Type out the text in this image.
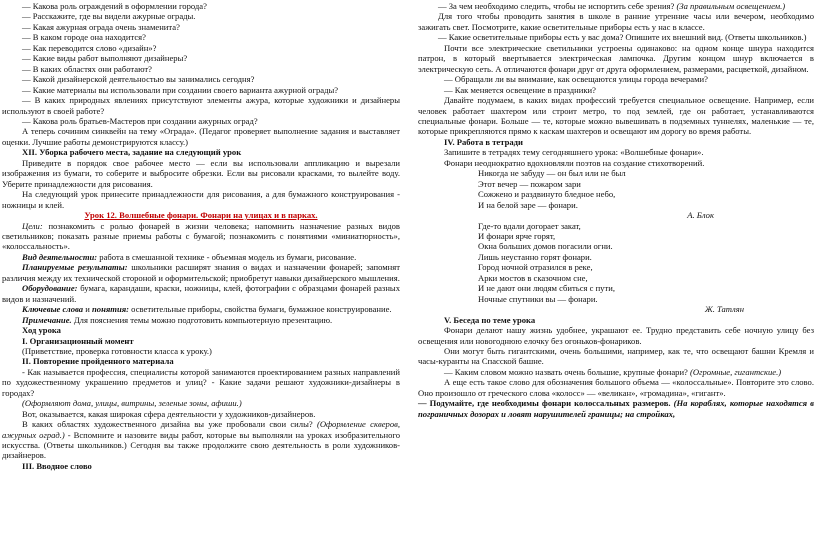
— Какова роль ограждений в оформлении города?

— Расскажите, где вы видели ажурные ограды.

— Какая ажурная ограда очень знаменита?

— В каком городе она находится?

— Как переводится слово «дизайн»?

— Какие виды работ выполняют дизайнеры?

— В каких областях они работают?

— Какой дизайнерской деятельностью вы занимались сегодня?

— Какие материалы вы использовали при создании своего варианта ажурной ограды?

— В каких природных явлениях присутствуют элементы ажура, которые художники и дизайнеры используют в своей работе?

— Какова роль братьев-Мастеров при создании ажурных оград?

А теперь сочиним синквейн на тему «Ограда». (Педагог проверяет выполнение задания и выставляет оценки. Лучшие работы демонстрируются классу.)

XII. Уборка рабочего места, задание на следующий урок

Приведите в порядок свое рабочее место — если вы использовали аппликацию и вырезали изображения из бумаги, то соберите и выбросите обрезки. Если вы рисовали красками, то вылейте воду. Уберите принадлежности для рисования.

На следующий урок принесите принадлежности для рисования, а для бумажного конструирования - ножницы и клей.

Урок 12. Волшебные фонари. Фонари на улицах и в парках.

Цели: познакомить с ролью фонарей в жизни человека; напомнить назначение разных видов светильников; показать разные приемы работы с бумагой; познакомить с понятиями «миниатюрность», «колоссальность».

Вид деятельности: работа в смешанной технике - объемная модель из бумаги, рисование.

Планируемые результаты: школьники расширят знания о видах и назначении фонарей; запомнят различия между их технической стороной и оформительской; приобретут навыки дизайнерского мышления.

Оборудование: бумага, карандаши, краски, ножницы, клей, фотографии с образцами фонарей разных видов и назначений.

Ключевые слова и понятия: осветительные приборы, свойства бумаги, бумажное конструирование.

Примечание. Для пояснения темы можно подготовить компьютерную презентацию.

Ход урока

I. Организационный момент

(Приветствие, проверка готовности класса к уроку.)

II. Повторение пройденного материала

- Как называется профессия, специалисты которой занимаются проектированием разных направлений по художественному украшению предметов и улиц? - Какие задачи решают художники-дизайнеры в городах?

(Оформляют дома, улицы, витрины, зеленые зоны, афиши.)

Вот, оказывается, какая широкая сфера деятельности у художников-дизайнеров.

В каких областях художественного дизайна вы уже пробовали свои силы? (Оформление скверов, ажурных оград.) - Вспомните и назовите виды работ, которые вы выполняли на уроках изобразительного искусства. (Ответы школьников.) Сегодня вы также продолжите свою деятельность в роли художников-дизайнеров.

III. Вводное слово

— За чем необходимо следить, чтобы не испортить себе зрения? (За правильным освещением.)

Для того чтобы проводить занятия в школе в ранние утренние часы или вечером, необходимо зажигать свет. Посмотрите, какие осветительные приборы есть у нас в классе.

— Какие осветительные приборы есть у вас дома? Опишите их внешний вид. (Ответы школьников.)

Почти все электрические светильники устроены одинаково: на одном конце шнура находится патрон, в который ввертывается электрическая лампочка. Другим концом шнур включается в электрическую сеть. А отличаются фонари друг от друга оформлением, размерами, расцветкой, дизайном.

— Обращали ли вы внимание, как освещаются улицы города вечерами?

— Как меняется освещение в праздники?

Давайте подумаем, в каких видах профессий требуется специальное освещение. Например, если человек работает шахтером или строит метро, то под землей, где он работает, устанавливаются специальные фонари. Больше — те, которые можно вывешивать в подземных туннелях, маленькие — те, которые прикрепляются прямо к каскам шахтеров и освещают им дорогу во время работы.

IV. Работа в тетради

Запишите в тетрадях тему сегодняшнего урока: «Волшебные фонари».

Фонари неоднократно вдохновляли поэтов на создание стихотворений.

Никогда не забуду — он был или не был
Этот вечер — пожаром зари
Сожжено и раздвинуто бледное небо,
И на белой заре — фонари.

А. Блок

Где-то вдали догорает закат,
И фонари ярче горят,
Окна больших домов погасили огни.
Лишь неустанно горят фонари.
Город ночной отразился в реке,
Арки мостов в сказочном сне,
И не дают они людям сбиться с пути,
Ночные спутники вы — фонари.

Ж. Татлян

V. Беседа по теме урока

Фонари делают нашу жизнь удобнее, украшают ее. Трудно представить себе ночную улицу без освещения или новогоднюю елочку без огоньков-фонариков.

Они могут быть гигантскими, очень большими, например, как те, что освещают башни Кремля и часы-куранты на Спасской башне.

— Каким словом можно назвать очень большие, крупные фонари? (Огромные, гигантские.)

А еще есть такое слово для обозначения большого объема — «колоссальные». Повторите это слово. Оно произошло от греческого слова «колосс» — «великан», «громадина», «гигант».

— Подумайте, где необходимы фонари колоссальных размеров. (На кораблях, которые находятся в пограничных дозорах и ловят нарушителей границы; на стройках,
